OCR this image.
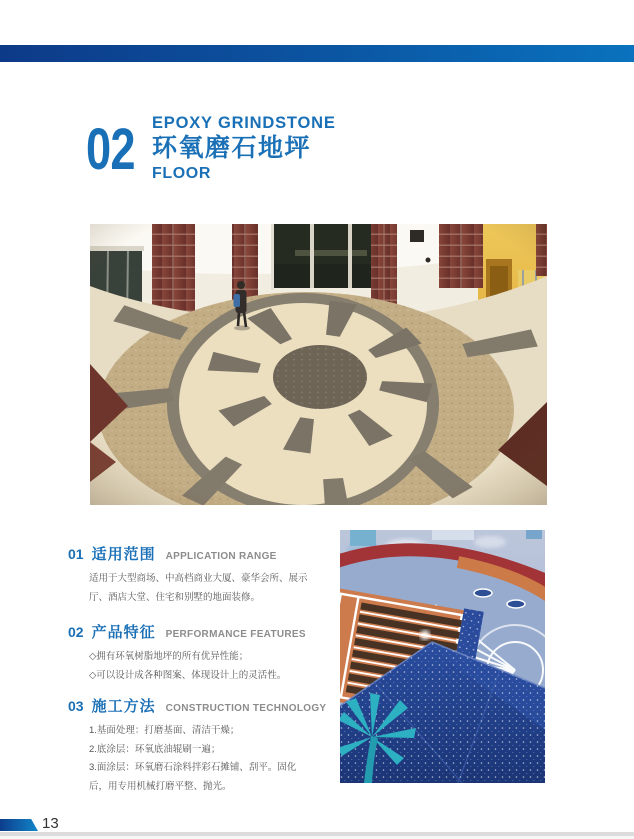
02 EPOXY GRINDSTONE
环氧磨石地坪
FLOOR
01 适用范围 APPLICATION RANGE
适用于大型商场、中高档商业大厦、豪华会所、展示厅、酒店大堂、住宅和别墅的地面装修。
02 产品特征 PERFORMANCE FEATURES
◇拥有环氧树脂地坪的所有优异性能；
◇可以设计成各种图案、体现设计上的灵活性。
03 施工方法 CONSTRUCTION TECHNOLOGY
1.基面处理：打磨基面、清洁干燥；
2.底涂层：环氧底油辊刷一遍；
3.面涂层：环氧磨石涂料拌彩石摊铺、刮平。固化后，用专用机械打磨平整、抛光。
13
